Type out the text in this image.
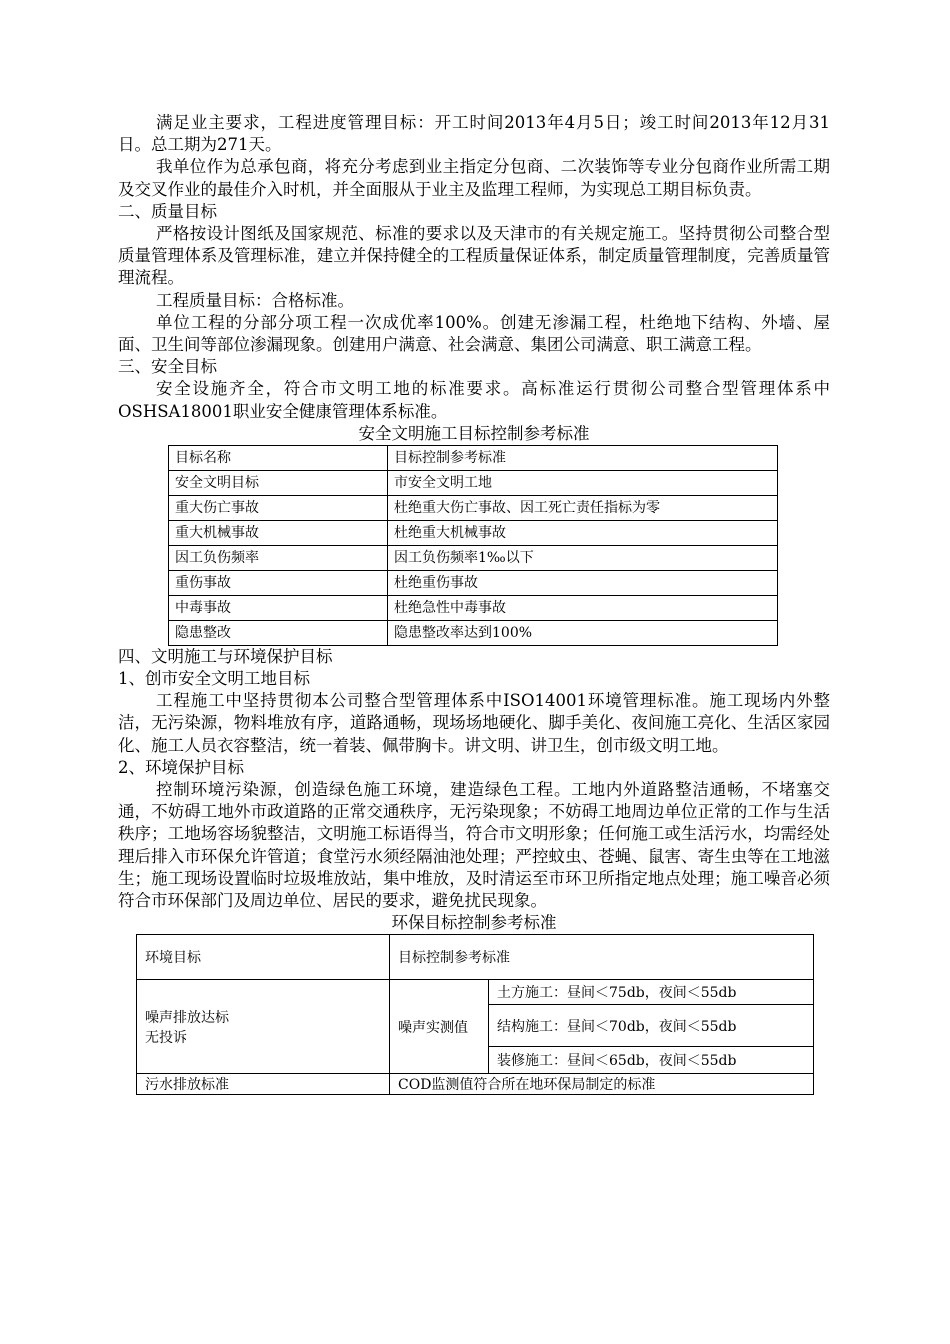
满足业主要求，工程进度管理目标：开工时间2013年4月5日；竣工时间2013年12月31日。总工期为271天。

我单位作为总承包商，将充分考虑到业主指定分包商、二次装饰等专业分包商作业所需工期及交叉作业的最佳介入时机，并全面服从于业主及监理工程师，为实现总工期目标负责。

二、质量目标

严格按设计图纸及国家规范、标准的要求以及天津市的有关规定施工。坚持贯彻公司整合型质量管理体系及管理标准，建立并保持健全的工程质量保证体系，制定质量管理制度，完善质量管理流程。

工程质量目标：合格标准。

单位工程的分部分项工程一次成优率100%。创建无渗漏工程，杜绝地下结构、外墙、屋面、卫生间等部位渗漏现象。创建用户满意、社会满意、集团公司满意、职工满意工程。

三、安全目标

安全设施齐全，符合市文明工地的标准要求。高标准运行贯彻公司整合型管理体系中OSHSA18001职业安全健康管理体系标准。

安全文明施工目标控制参考标准

目标名称	目标控制参考标准
安全文明目标	市安全文明工地
重大伤亡事故	杜绝重大伤亡事故、因工死亡责任指标为零
重大机械事故	杜绝重大机械事故
因工负伤频率	因工负伤频率1‰以下
重伤事故	杜绝重伤事故
中毒事故	杜绝急性中毒事故
隐患整改	隐患整改率达到100%

四、文明施工与环境保护目标

1、创市安全文明工地目标

工程施工中坚持贯彻本公司整合型管理体系中ISO14001环境管理标准。施工现场内外整洁，无污染源，物料堆放有序，道路通畅，现场场地硬化、脚手美化、夜间施工亮化、生活区家园化、施工人员衣容整洁，统一着装、佩带胸卡。讲文明、讲卫生，创市级文明工地。

2、环境保护目标

控制环境污染源，创造绿色施工环境，建造绿色工程。工地内外道路整洁通畅，不堵塞交通，不妨碍工地外市政道路的正常交通秩序，无污染现象；不妨碍工地周边单位正常的工作与生活秩序；工地场容场貌整洁，文明施工标语得当，符合市文明形象；任何施工或生活污水，均需经处理后排入市环保允许管道；食堂污水须经隔油池处理；严控蚊虫、苍蝇、鼠害、寄生虫等在工地滋生；施工现场设置临时垃圾堆放站，集中堆放，及时清运至市环卫所指定地点处理；施工噪音必须符合市环保部门及周边单位、居民的要求，避免扰民现象。

环保目标控制参考标准

环境目标	目标控制参考标准	

噪声排放达标
无投诉	噪声实测值	土方施工：昼间＜75db，夜间＜55db
		结构施工：昼间＜70db，夜间＜55db
		装修施工：昼间＜65db，夜间＜55db
污水排放标准	COD监测值符合所在地环保局制定的标准	
